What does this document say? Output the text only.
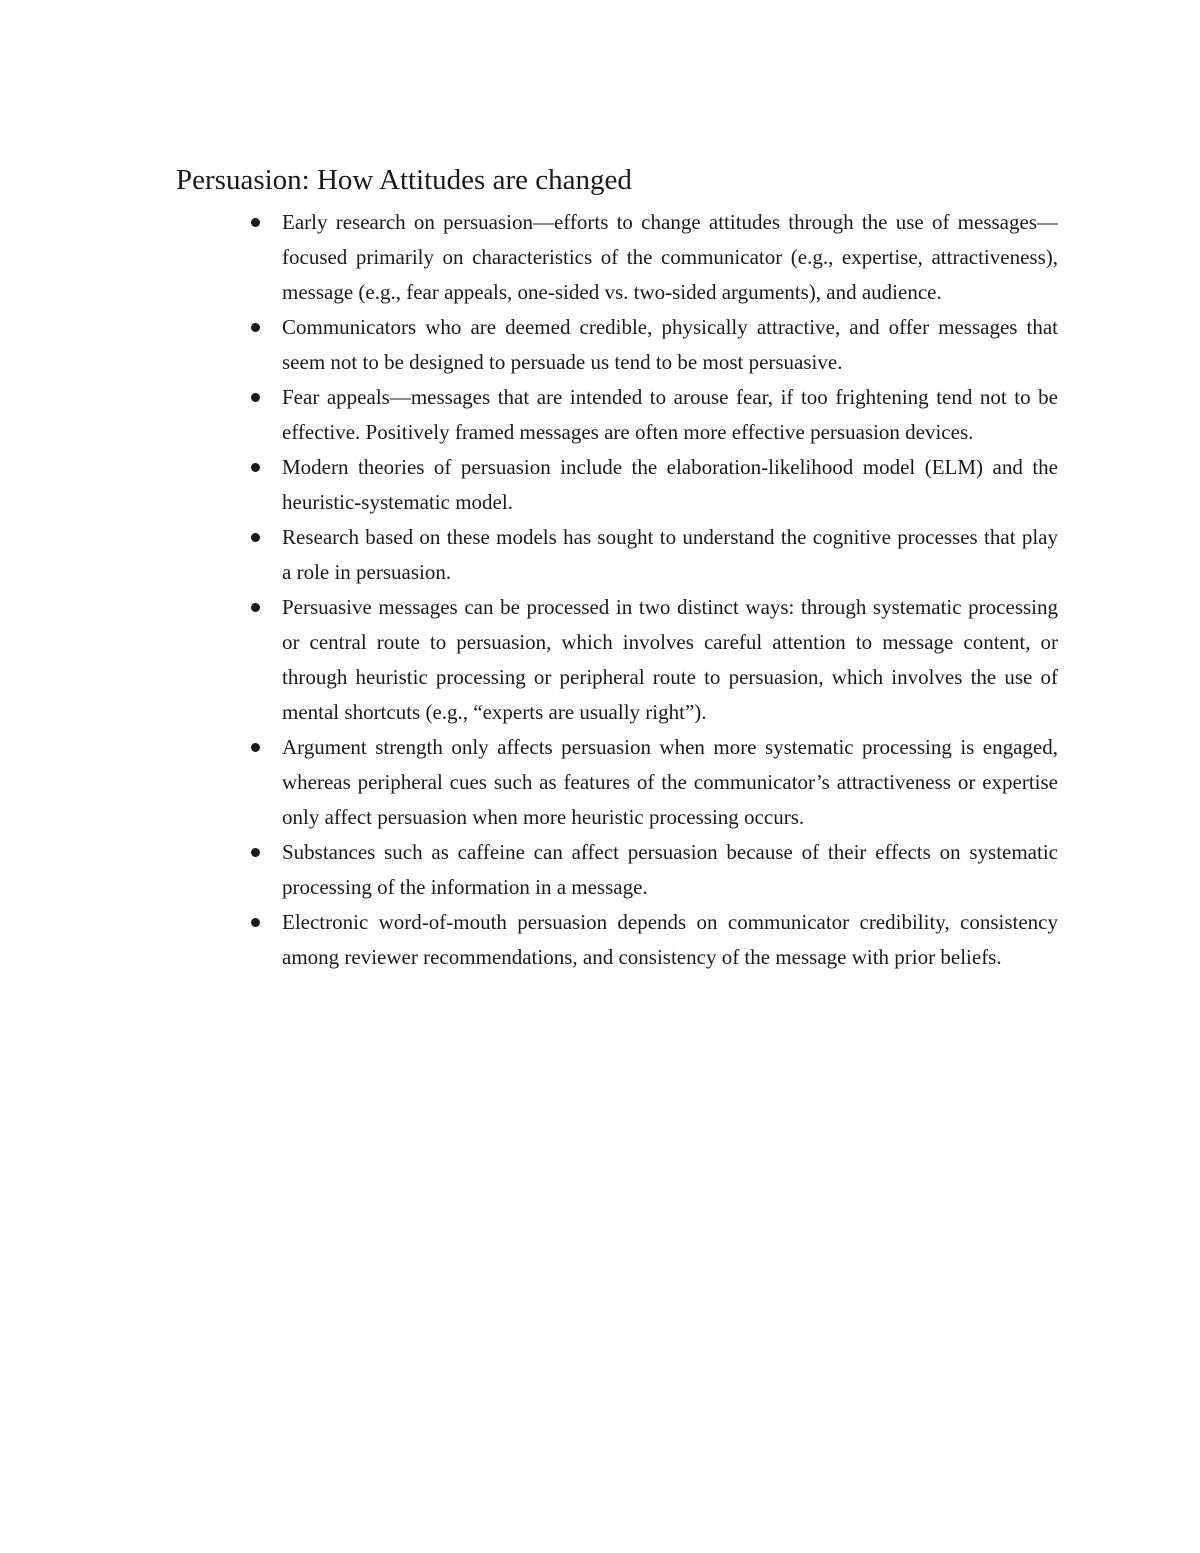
Persuasion: How Attitudes are changed
Early research on persuasion—efforts to change attitudes through the use of messages—focused primarily on characteristics of the communicator (e.g., expertise, attractiveness), message (e.g., fear appeals, one-sided vs. two-sided arguments), and audience.
Communicators who are deemed credible, physically attractive, and offer messages that seem not to be designed to persuade us tend to be most persuasive.
Fear appeals—messages that are intended to arouse fear, if too frightening tend not to be effective. Positively framed messages are often more effective persuasion devices.
Modern theories of persuasion include the elaboration-likelihood model (ELM) and the heuristic-systematic model.
Research based on these models has sought to understand the cognitive processes that play a role in persuasion.
Persuasive messages can be processed in two distinct ways: through systematic processing or central route to persuasion, which involves careful attention to message content, or through heuristic processing or peripheral route to persuasion, which involves the use of mental shortcuts (e.g., “experts are usually right”).
Argument strength only affects persuasion when more systematic processing is engaged, whereas peripheral cues such as features of the communicator’s attractiveness or expertise only affect persuasion when more heuristic processing occurs.
Substances such as caffeine can affect persuasion because of their effects on systematic processing of the information in a message.
Electronic word-of-mouth persuasion depends on communicator credibility, consistency among reviewer recommendations, and consistency of the message with prior beliefs.
